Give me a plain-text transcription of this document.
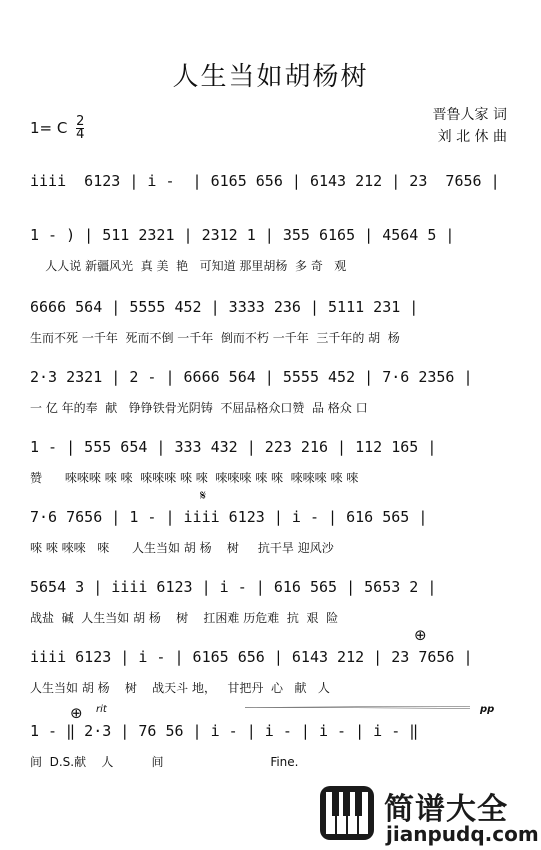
人生当如胡杨树
1= C $\frac{2}{4}$
晋鲁人家 词
刘 北 休 曲
iiii  6123 | i -  | 6165 656 | 6143 212 | 23  7656 |
1 - ) | 511 2321 | 2312 1 | 355 6165 | 4564 5 |
人人说 新疆风光  真 美  艳   可知道 那里胡杨  多 奇   观
6666 564 | 5555 452 | 3333 236 | 5111 231 |
生而不死 一千年  死而不倒 一千年  倒而不朽 一千年  三千年的 胡  杨
2·3 2321 | 2 - | 6666 564 | 5555 452 | 7·6 2356 |
一 亿 年的奉  献   铮铮铁骨光阴铸  不屈品格众口赞  品 格众 口
1 - | 555 654 | 333 432 | 223 216 | 112 165 |
赞      唻唻唻 唻 唻  唻唻唻 唻 唻  唻唻唻 唻 唻  唻唻唻 唻 唻
7·6 7656 | 1 - | iiii 6123 | i - | 616 565 |
唻 唻 唻唻   唻      人生当如 胡 杨    树     抗干旱 迎风沙
𝄋
5654 3 | iiii 6123 | i - | 616 565 | 5653 2 |
战盐  碱  人生当如 胡 杨    树    扛困难 历危难  抗  艰  险
iiii 6123 | i - | 6165 656 | 6143 212 | 23 7656 |
人生当如 胡 杨    树    战天斗 地，   甘把丹  心   献   人
⊕
1 - ‖ 2·3 | 76 56 | i - | i - | i - | i - ‖
间  D.S.献    人          间                            Fine.
⊕ rit	pp
简谱大全
jianpudq.com
